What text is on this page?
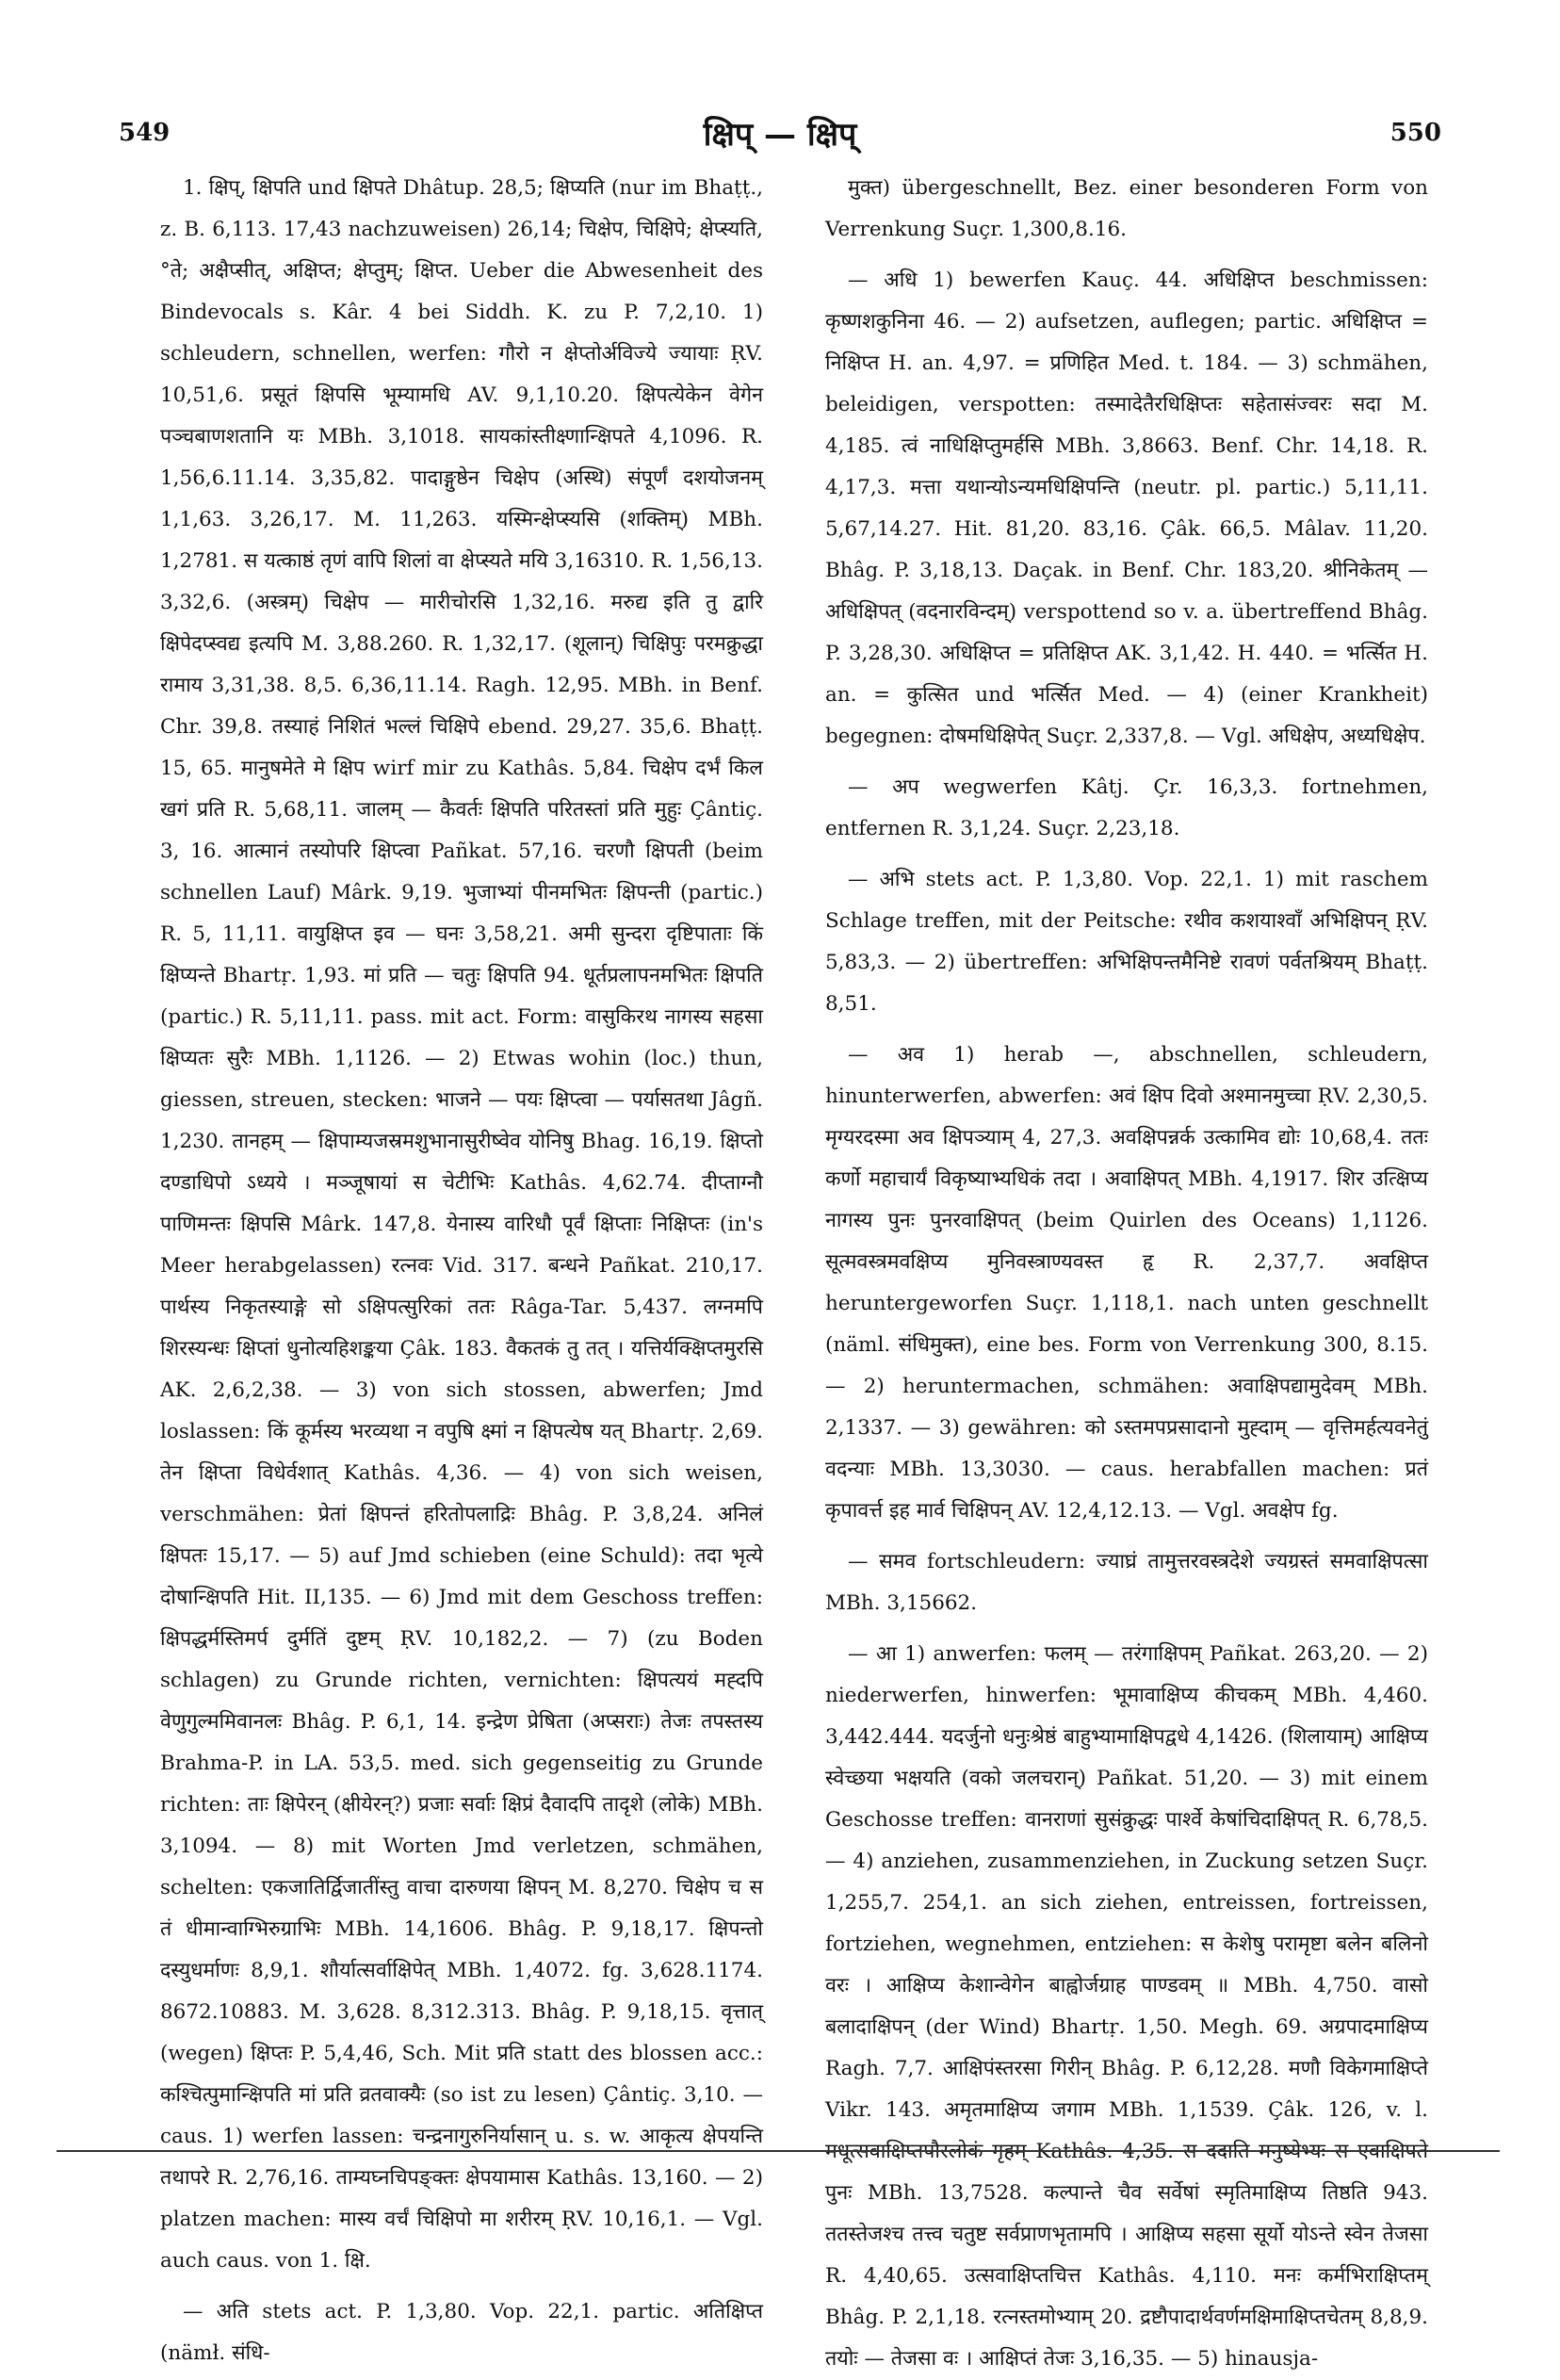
549	क्षिप् — क्षिप्	550

1. क्षिप्, क्षिपति und क्षिपते Dhâtup. 28,5; क्षिप्यति (nur im Bhaṭṭ., z. B. 6,113. 17,43 nachzuweisen) 26,14; चिक्षेप, चिक्षिपे; क्षेप्स्यति, °ते; अक्षैप्सीत्, अक्षिप्त; क्षेप्तुम्; क्षिप्त. Ueber die Abwesenheit des Bindevocals s. Kâr. 4 bei Siddh. K. zu P. 7,2,10. 1) schleudern, schnellen, werfen: गौरो न क्षेप्तोर्अविज्ये ज्यायाः ṚV. 10,51,6. प्रसूतं क्षिपसि भूम्यामधि AV. 9,1,10.20. क्षिपत्येकेन वेगेन पञ्चबाणशतानि यः MBh. 3,1018. सायकांस्तीक्ष्णान्क्षिपते 4,1096. R. 1,56,6.11.14. 3,35,82. पादाङ्गुष्ठेन चिक्षेप (अस्थि) संपूर्णं दशयोजनम् 1,1,63. 3,26,17. M. 11,263. यस्मिन्क्षेप्स्यसि (शक्तिम्) MBh. 1,2781. स यत्काष्ठं तृणं वापि शिलां वा क्षेप्स्यते मयि 3,16310. R. 1,56,13. 3,32,6. (अस्त्रम्) चिक्षेप — मारीचोरसि 1,32,16. मरुद्य इति तु द्वारि क्षिपेदप्स्वद्य इत्यपि M. 3,88.260. R. 1,32,17. (शूलान्) चिक्षिपुः परमक्रुद्धा रामाय 3,31,38. 8,5. 6,36,11.14. Ragh. 12,95. MBh. in Benf. Chr. 39,8. तस्याहं निशितं भल्लं चिक्षिपे ebend. 29,27. 35,6. Bhaṭṭ. 15, 65. मानुषमेते मे क्षिप wirf mir zu Kathâs. 5,84. चिक्षेप दर्भं किल खगं प्रति R. 5,68,11. जालम् — कैवर्तः क्षिपति परितस्तां प्रति मुहुः Çântiç. 3, 16. आत्मानं तस्योपरि क्षिप्त्वा Pañkat. 57,16. चरणौ क्षिपती (beim schnellen Lauf) Mârk. 9,19. भुजाभ्यां पीनमभितः क्षिपन्ती (partic.) R. 5, 11,11. वायुक्षिप्त इव — घनः 3,58,21. अमी सुन्दरा दृष्टिपाताः किं क्षिप्यन्ते Bhartṛ. 1,93. मां प्रति — चतुः क्षिपति 94. धूर्तप्रलापनमभितः क्षिपति (partic.) R. 5,11,11. pass. mit act. Form: वासुकिरथ नागस्य सहसा क्षिप्यतः सुरैः MBh. 1,1126. — 2) Etwas wohin (loc.) thun, giessen, streuen, stecken: भाजने — पयः क्षिप्त्वा — पर्यासतथा Jâgñ. 1,230. तानहम् — क्षिपाम्यजस्रमशुभानासुरीष्वेव योनिषु Bhag. 16,19. क्षिप्तो दण्डाधिपो ऽध्यये । मञ्जूषायां स चेटीभिः Kathâs. 4,62.74. दीप्ताग्नौ पाणिमन्तः क्षिपसि Mârk. 147,8. येनास्य वारिधौ पूर्वं क्षिप्ताः निक्षिप्तः (in's Meer herabgelassen) रत्नवः Vid. 317. बन्धने Pañkat. 210,17. पार्थस्य निकृतस्याङ्गे सो ऽक्षिपत्सुरिकां ततः Râga-Tar. 5,437. लग्नमपि शिरस्यन्धः क्षिप्तां धुनोत्यहिशङ्कया Çâk. 183. वैकतकं तु तत् । यत्तिर्यक्क्षिप्तमुरसि AK. 2,6,2,38. — 3) von sich stossen, abwerfen; Jmd loslassen: किं कूर्मस्य भरव्यथा न वपुषि क्ष्मां न क्षिपत्येष यत् Bhartṛ. 2,69. तेन क्षिप्ता विधेर्वशात् Kathâs. 4,36. — 4) von sich weisen, verschmähen: प्रेतां क्षिपन्तं हरितोपलाद्रिः Bhâg. P. 3,8,24. अनिलं क्षिपतः 15,17. — 5) auf Jmd schieben (eine Schuld): तदा भृत्ये दोषान्क्षिपति Hit. II,135. — 6) Jmd mit dem Geschoss treffen: क्षिपद्धर्मस्तिमर्प दुर्मतिं दुष्टम् ṚV. 10,182,2. — 7) (zu Boden schlagen) zu Grunde richten, vernichten: क्षिपत्ययं मह्दपि वेणुगुल्ममिवानलः Bhâg. P. 6,1, 14. इन्द्रेण प्रेषिता (अप्सराः) तेजः तपस्तस्य Brahma-P. in LA. 53,5. med. sich gegenseitig zu Grunde richten: ताः क्षिपेरन् (क्षीयेरन्?) प्रजाः सर्वाः क्षिप्रं दैवादपि तादृशे (लोके) MBh. 3,1094. — 8) mit Worten Jmd verletzen, schmähen, schelten: एकजातिर्द्विजातींस्तु वाचा दारुणया क्षिपन् M. 8,270. चिक्षेप च स तं धीमान्वाग्भिरुग्राभिः MBh. 14,1606. Bhâg. P. 9,18,17. क्षिपन्तो दस्युधर्माणः 8,9,1. शौर्यात्सर्वाक्षिपेत् MBh. 1,4072. fg. 3,628.1174. 8672.10883. M. 3,628. 8,312.313. Bhâg. P. 9,18,15. वृत्तात् (wegen) क्षिप्तः P. 5,4,46, Sch. Mit प्रति statt des blossen acc.: कश्चित्पुमान्क्षिपति मां प्रति व्रतवाक्यैः (so ist zu lesen) Çântiç. 3,10. — caus. 1) werfen lassen: चन्द्रनागुरुनिर्यासान् u. s. w. आकृत्य क्षेपयन्ति तथापरे R. 2,76,16. ताम्यघ्नचिपङ्क्तः क्षेपयामास Kathâs. 13,160. — 2) platzen machen: मास्य वर्चं चिक्षिपो मा शरीरम् ṚV. 10,16,1. — Vgl. auch caus. von 1. क्षि.

— अति stets act. P. 1,3,80. Vop. 22,1. partic. अतिक्षिप्त (nämł. संधि-

मुक्त) übergeschnellt, Bez. einer besonderen Form von Verrenkung Suçr. 1,300,8.16.

— अधि 1) bewerfen Kauç. 44. अधिक्षिप्त beschmissen: कृष्णशकुनिना 46. — 2) aufsetzen, auflegen; partic. अधिक्षिप्त = निक्षिप्त H. an. 4,97. = प्रणिहित Med. t. 184. — 3) schmähen, beleidigen, verspotten: तस्मादेतैरधिक्षिप्तः सहेतासंज्वरः सदा M. 4,185. त्वं नाधिक्षिप्तुमर्हसि MBh. 3,8663. Benf. Chr. 14,18. R. 4,17,3. मत्ता यथान्योऽन्यमधिक्षिपन्ति (neutr. pl. partic.) 5,11,11. 5,67,14.27. Hit. 81,20. 83,16. Çâk. 66,5. Mâlav. 11,20. Bhâg. P. 3,18,13. Daçak. in Benf. Chr. 183,20. श्रीनिकेतम् — अधिक्षिपत् (वदनारविन्दम्) verspottend so v. a. übertreffend Bhâg. P. 3,28,30. अधिक्षिप्त = प्रतिक्षिप्त AK. 3,1,42. H. 440. = भर्त्सित H. an. = कुत्सित und भर्त्सित Med. — 4) (einer Krankheit) begegnen: दोषमधिक्षिपेत् Suçr. 2,337,8. — Vgl. अधिक्षेप, अध्यधिक्षेप.

— अप wegwerfen Kâtj. Çr. 16,3,3. fortnehmen, entfernen R. 3,1,24. Suçr. 2,23,18.

— अभि stets act. P. 1,3,80. Vop. 22,1. 1) mit raschem Schlage treffen, mit der Peitsche: रथीव कशयाश्वाँ अभिक्षिपन् ṚV. 5,83,3. — 2) übertreffen: अभिक्षिपन्तमैनिष्टे रावणं पर्वतश्रियम् Bhaṭṭ. 8,51.

— अव 1) herab —, abschnellen, schleudern, hinunterwerfen, abwerfen: अवं क्षिप दिवो अश्मानमुच्चा ṚV. 2,30,5. मृग्यरदस्मा अव क्षिपञ्याम् 4, 27,3. अवक्षिपन्नर्क उत्कामिव द्योः 10,68,4. ततः कर्णो महाचार्यं विकृष्याभ्यधिकं तदा । अवाक्षिपत् MBh. 4,1917. शिर उत्क्षिप्य नागस्य पुनः पुनरवाक्षिपत् (beim Quirlen des Oceans) 1,1126. सूत्मवस्त्रमवक्षिप्य मुनिवस्त्राण्यवस्त हृ R. 2,37,7. अवक्षिप्त heruntergeworfen Suçr. 1,118,1. nach unten geschnellt (näml. संधिमुक्त), eine bes. Form von Verrenkung 300, 8.15. — 2) heruntermachen, schmähen: अवाक्षिपद्यामुदेवम् MBh. 2,1337. — 3) gewähren: को ऽस्तमपप्रसादानो मुह्दाम् — वृत्तिमर्हत्यवनेतुं वदन्याः MBh. 13,3030. — caus. herabfallen machen: प्रतं कृपावर्त्त इह मार्व चिक्षिपन् AV. 12,4,12.13. — Vgl. अवक्षेप fg.

— समव fortschleudern: ज्याघ्रं तामुत्तरवस्त्रदेशे ज्यग्रस्तं समवाक्षिपत्सा MBh. 3,15662.

— आ 1) anwerfen: फलम् — तरंगाक्षिपम् Pañkat. 263,20. — 2) niederwerfen, hinwerfen: भूमावाक्षिप्य कीचकम् MBh. 4,460. 3,442.444. यदर्जुनो धनुःश्रेष्ठं बाहुभ्यामाक्षिपद्वधे 4,1426. (शिलायाम्) आक्षिप्य स्वेच्छया भक्षयति (वको जलचरान्) Pañkat. 51,20. — 3) mit einem Geschosse treffen: वानराणां सुसंक्रुद्धः पार्श्वे केषांचिदाक्षिपत् R. 6,78,5. — 4) anziehen, zusammenziehen, in Zuckung setzen Suçr. 1,255,7. 254,1. an sich ziehen, entreissen, fortreissen, fortziehen, wegnehmen, entziehen: स केशेषु परामृष्टा बलेन बलिनो वरः । आक्षिप्य केशान्वेगेन बाह्वोर्जग्राह पाण्डवम् ॥ MBh. 4,750. वासो बलादाक्षिपन् (der Wind) Bhartṛ. 1,50. Megh. 69. अग्रपादमाक्षिप्य Ragh. 7,7. आक्षिपंस्तरसा गिरीन् Bhâg. P. 6,12,28. मणौ विकेगमाक्षिप्ते Vikr. 143. अमृतमाक्षिप्य जगाम MBh. 1,1539. Çâk. 126, v. l. मधूत्सवाक्षिप्तपौरलोकं गृहम् Kathâs. 4,35. स ददाति मनुष्येभ्यः स एवाक्षिपते पुनः MBh. 13,7528. कल्पान्ते चैव सर्वेषां स्मृतिमाक्षिप्य तिष्ठति 943. ततस्तेजश्च तत्त्व चतुष्ट सर्वप्राणभृतामपि । आक्षिप्य सहसा सूर्यो योऽन्ते स्वेन तेजसा R. 4,40,65. उत्सवाक्षिप्तचित्त Kathâs. 4,110. मनः कर्मभिराक्षिप्तम् Bhâg. P. 2,1,18. रत्नस्तमोभ्याम् 20. द्रष्टौपादार्थवर्णमक्षिमाक्षिप्तचेतम् 8,8,9. तयोः — तेजसा वः । आक्षिप्तं तेजः 3,16,35. — 5) hinausja-
